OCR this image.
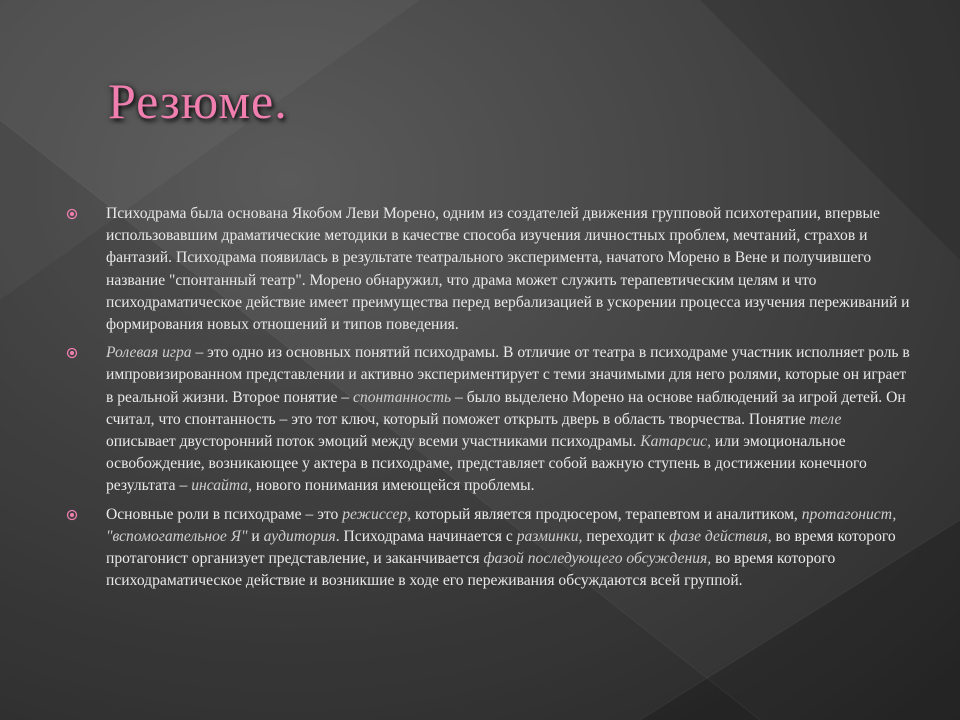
Резюме.

Психодрама была основана Якобом Леви Морено, одним из создателей движения групповой психотерапии, впервые использовавшим драматические методики в качестве способа изучения личностных проблем, мечтаний, страхов и фантазий. Психодрама появилась в результате театрального эксперимента, начатого Морено в Вене и получившего название "спонтанный театр". Морено обнаружил, что драма может служить терапевтическим целям и что психодраматическое действие имеет преимущества перед вербализацией в ускорении процесса изучения переживаний и формирования новых отношений и типов поведения.

Ролевая игра – это одно из основных понятий психодрамы. В отличие от театра в психодраме участник исполняет роль в импровизированном представлении и активно экспериментирует с теми значимыми для него ролями, которые он играет в реальной жизни. Второе понятие – спонтанность – было выделено Морено на основе наблюдений за игрой детей. Он считал, что спонтанность – это тот ключ, который поможет открыть дверь в область творчества. Понятие теле описывает двусторонний поток эмоций между всеми участниками психодрамы. Катарсис, или эмоциональное освобождение, возникающее у актера в психодраме, представляет собой важную ступень в достижении конечного результата – инсайта, нового понимания имеющейся проблемы.

Основные роли в психодраме – это режиссер, который является продюсером, терапевтом и аналитиком, протагонист, "вспомогательное Я" и аудитория. Психодрама начинается с разминки, переходит к фазе действия, во время которого протагонист организует представление, и заканчивается фазой последующего обсуждения, во время которого психодраматическое действие и возникшие в ходе его переживания обсуждаются всей группой.
